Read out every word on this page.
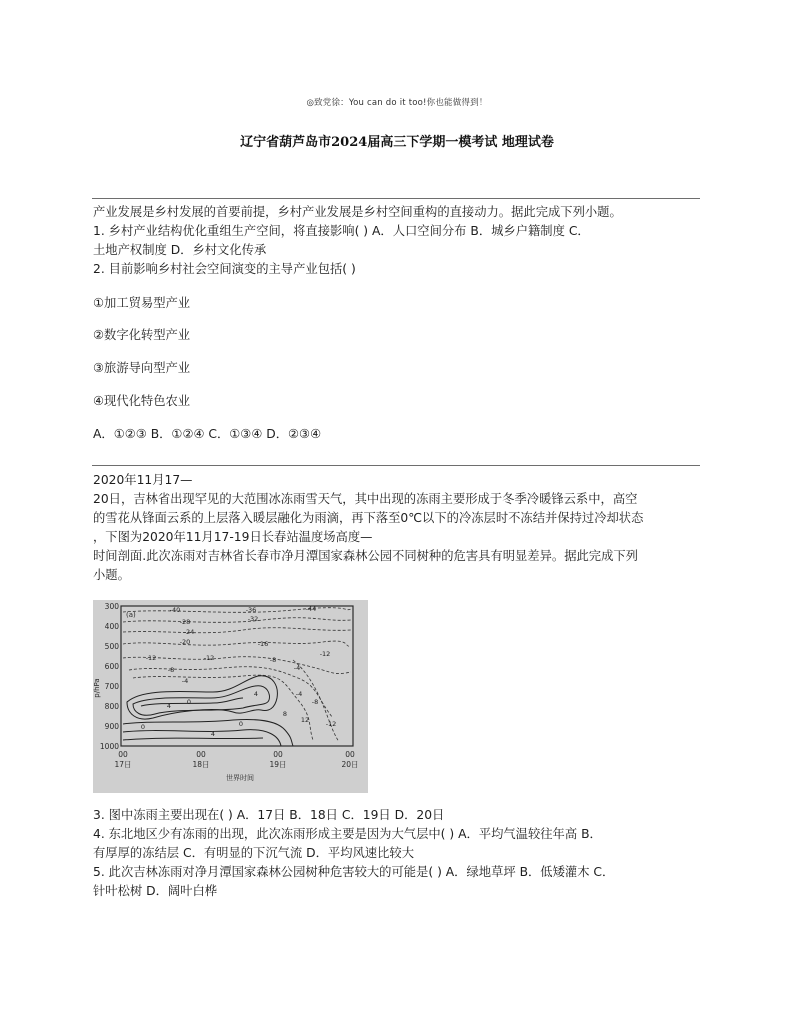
◎致党徐：You can do it too!你也能做得到！
辽宁省葫芦岛市2024届高三下学期一模考试 地理试卷
产业发展是乡村发展的首要前提，乡村产业发展是乡村空间重构的直接动力。据此完成下列小题。
1. 乡村产业结构优化重组生产空间，将直接影响( ) A．人口空间分布 B．城乡户籍制度 C．
土地产权制度 D．乡村文化传承
2. 目前影响乡村社会空间演变的主导产业包括( )
①加工贸易型产业
②数字化转型产业
③旅游导向型产业
④现代化特色农业
A．①②③ B．①②④ C．①③④ D．②③④
2020年11月17—
20日，吉林省出现罕见的大范围冰冻雨雪天气，其中出现的冻雨主要形成于冬季冷暖锋云系中，高空
的雪花从锋面云系的上层落入暖层融化为雨滴，再下落至0℃以下的冷冻层时不冻结并保持过冷却状态
，下图为2020年11月17-19日长春站温度场高度—
时间剖面.此次冻雨对吉林省长春市净月潭国家森林公园不同树种的危害具有明显差异。据此完成下列
小题。
300
400
500
600
700
800
900
1000
p/hPa
00	00	00	00
17日	18日	19日	20日
世界时间
(a)
-40	-36	-44
-32
-28
-24
-20	-16
-12	-12
-8
-8
-12
-4
-4
0
4
4
0
-4
-8
-12
8
12
0
4
3. 图中冻雨主要出现在( ) A．17日 B．18日 C．19日 D．20日
4. 东北地区少有冻雨的出现，此次冻雨形成主要是因为大气层中( ) A．平均气温较往年高 B．
有厚厚的冻结层 C．有明显的下沉气流 D．平均风速比较大
5. 此次吉林冻雨对净月潭国家森林公园树种危害较大的可能是( ) A．绿地草坪 B．低矮灌木 C．
针叶松树 D．阔叶白桦
